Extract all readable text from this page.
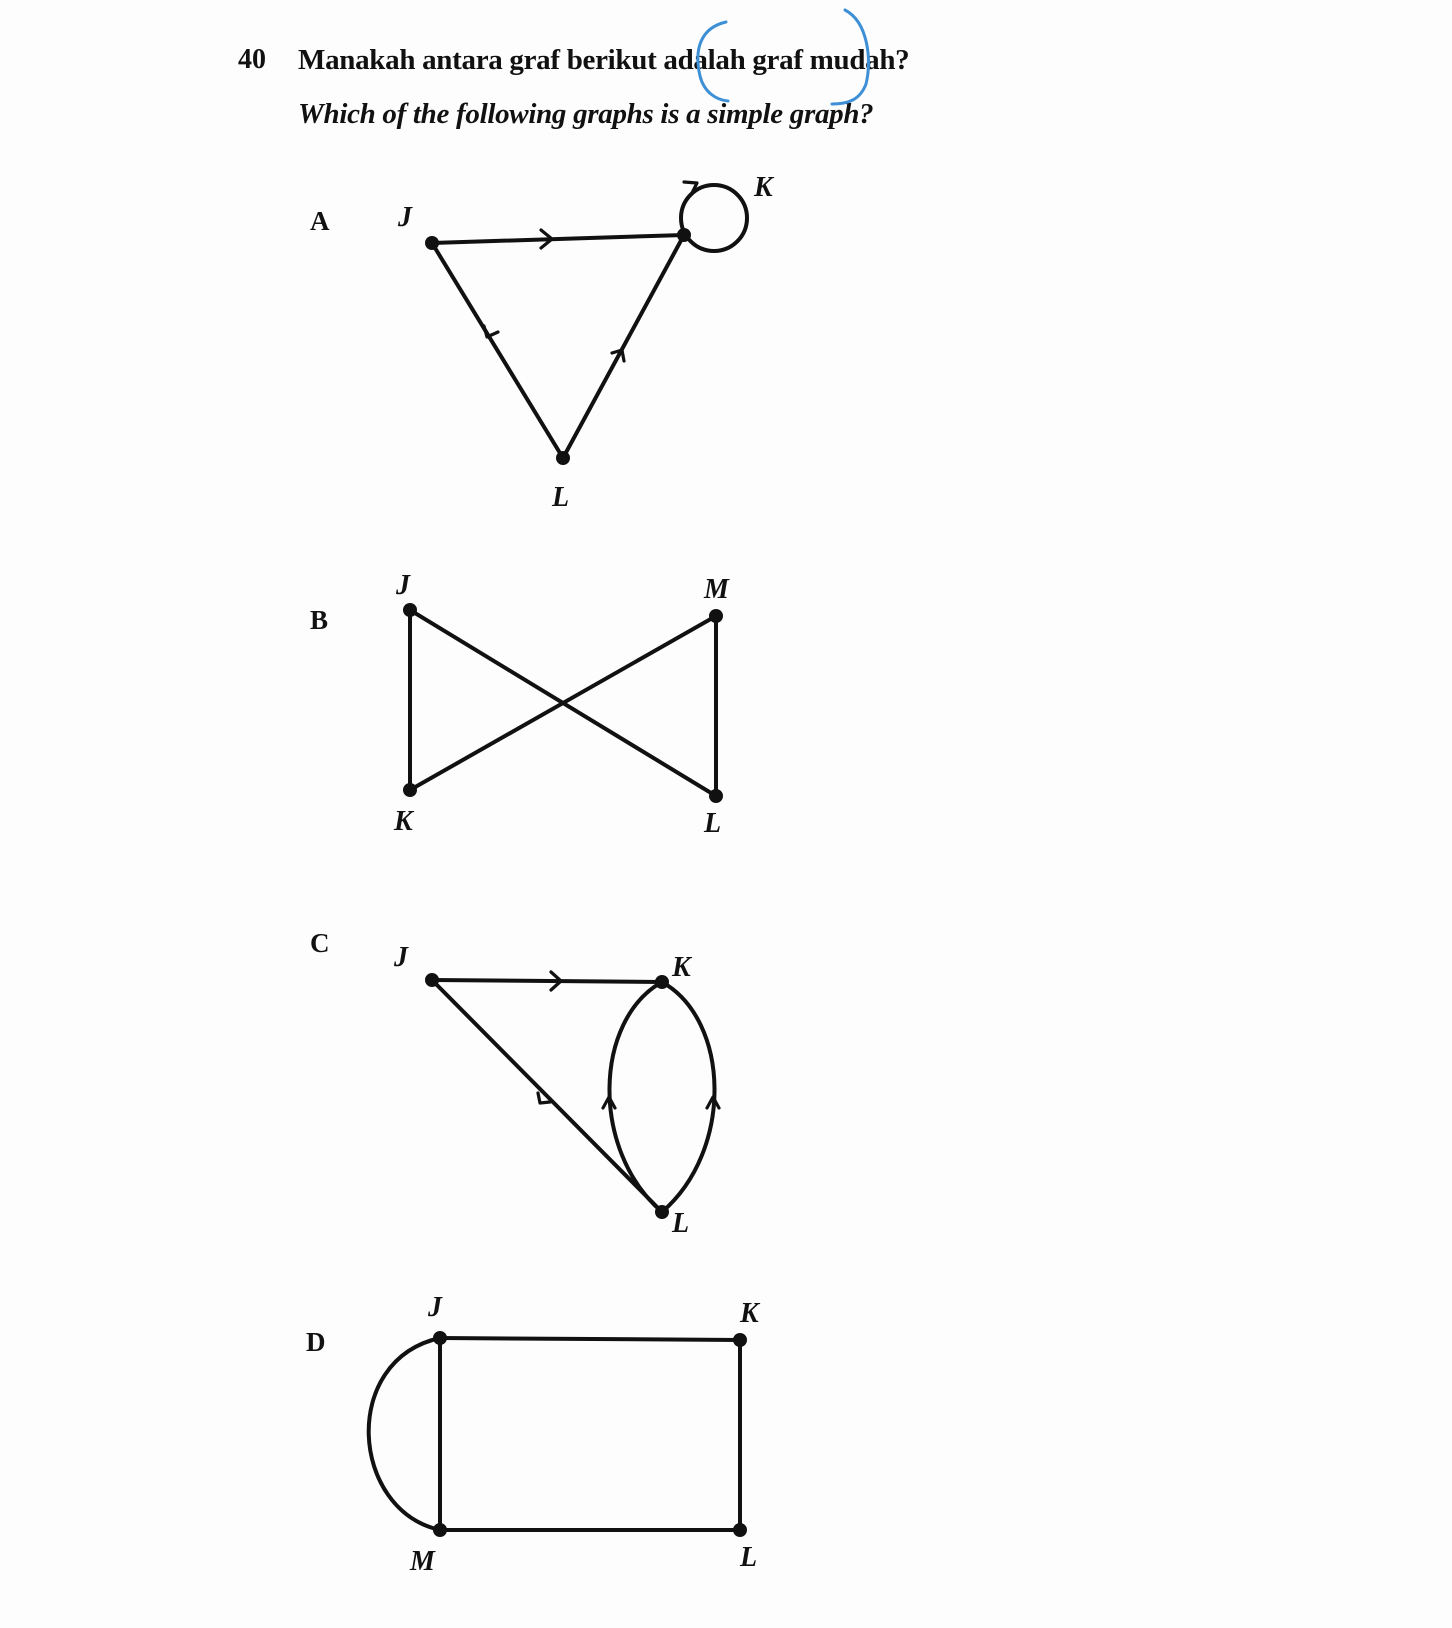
40 Manakah antara graf berikut adalah graf mudah?
Which of the following graphs is a simple graph?
A
B
C
D
J
K
L
J	M
K	L
J	K
L
J	K
M	L
